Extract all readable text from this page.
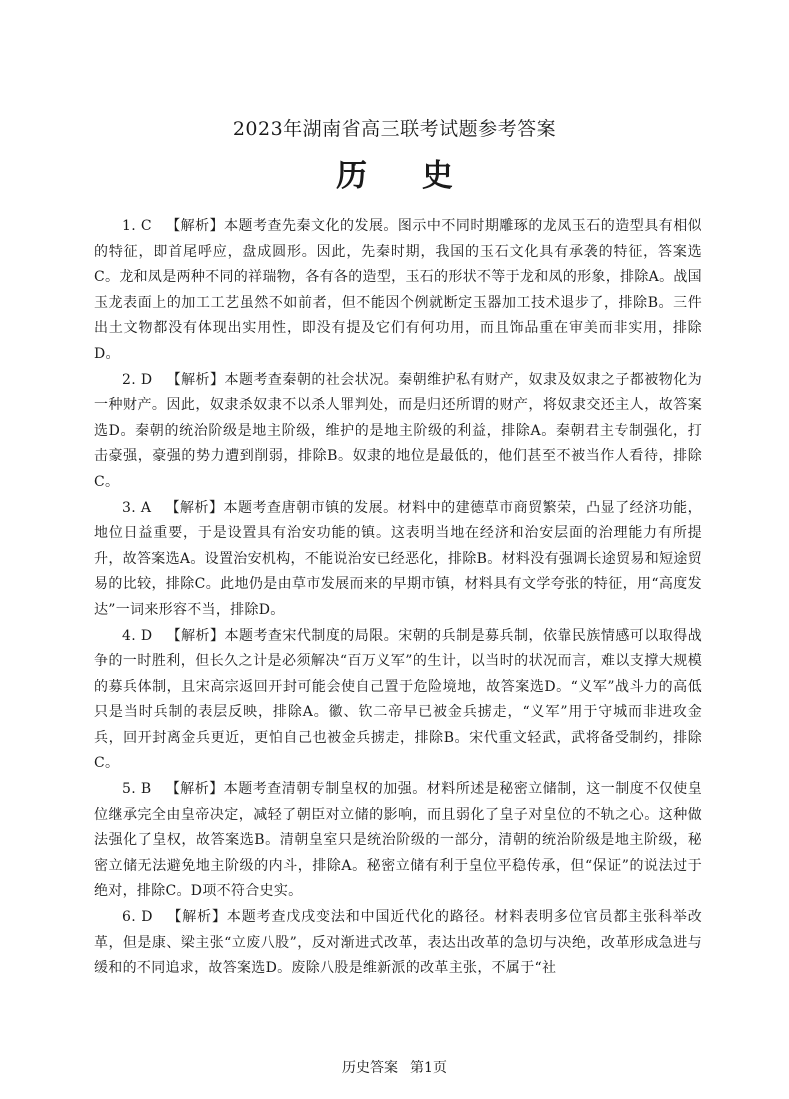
2023年湖南省高三联考试题参考答案
历 史

1. C 【解析】本题考查先秦文化的发展。图示中不同时期雕琢的龙凤玉石的造型具有相似的特征，即首尾呼应，盘成圆形。因此，先秦时期，我国的玉石文化具有承袭的特征，答案选C。龙和凤是两种不同的祥瑞物，各有各的造型，玉石的形状不等于龙和凤的形象，排除A。战国玉龙表面上的加工工艺虽然不如前者，但不能因个例就断定玉器加工技术退步了，排除B。三件出土文物都没有体现出实用性，即没有提及它们有何功用，而且饰品重在审美而非实用，排除D。

2. D 【解析】本题考查秦朝的社会状况。秦朝维护私有财产，奴隶及奴隶之子都被物化为一种财产。因此，奴隶杀奴隶不以杀人罪判处，而是归还所谓的财产，将奴隶交还主人，故答案选D。秦朝的统治阶级是地主阶级，维护的是地主阶级的利益，排除A。秦朝君主专制强化，打击豪强，豪强的势力遭到削弱，排除B。奴隶的地位是最低的，他们甚至不被当作人看待，排除C。

3. A 【解析】本题考查唐朝市镇的发展。材料中的建德草市商贸繁荣，凸显了经济功能，地位日益重要，于是设置具有治安功能的镇。这表明当地在经济和治安层面的治理能力有所提升，故答案选A。设置治安机构，不能说治安已经恶化，排除B。材料没有强调长途贸易和短途贸易的比较，排除C。此地仍是由草市发展而来的早期市镇，材料具有文学夸张的特征，用“高度发达”一词来形容不当，排除D。

4. D 【解析】本题考查宋代制度的局限。宋朝的兵制是募兵制，依靠民族情感可以取得战争的一时胜利，但长久之计是必须解决“百万义军”的生计，以当时的状况而言，难以支撑大规模的募兵体制，且宋高宗返回开封可能会使自己置于危险境地，故答案选D。“义军”战斗力的高低只是当时兵制的表层反映，排除A。徽、钦二帝早已被金兵掳走，“义军”用于守城而非进攻金兵，回开封离金兵更近，更怕自己也被金兵掳走，排除B。宋代重文轻武，武将备受制约，排除C。

5. B 【解析】本题考查清朝专制皇权的加强。材料所述是秘密立储制，这一制度不仅使皇位继承完全由皇帝决定，减轻了朝臣对立储的影响，而且弱化了皇子对皇位的不轨之心。这种做法强化了皇权，故答案选B。清朝皇室只是统治阶级的一部分，清朝的统治阶级是地主阶级，秘密立储无法避免地主阶级的内斗，排除A。秘密立储有利于皇位平稳传承，但“保证”的说法过于绝对，排除C。D项不符合史实。

6. D 【解析】本题考查戊戌变法和中国近代化的路径。材料表明多位官员都主张科举改革，但是康、梁主张“立废八股”，反对渐进式改革，表达出改革的急切与决绝，改革形成急进与缓和的不同追求，故答案选D。废除八股是维新派的改革主张，不属于“社

历史答案 第1页
